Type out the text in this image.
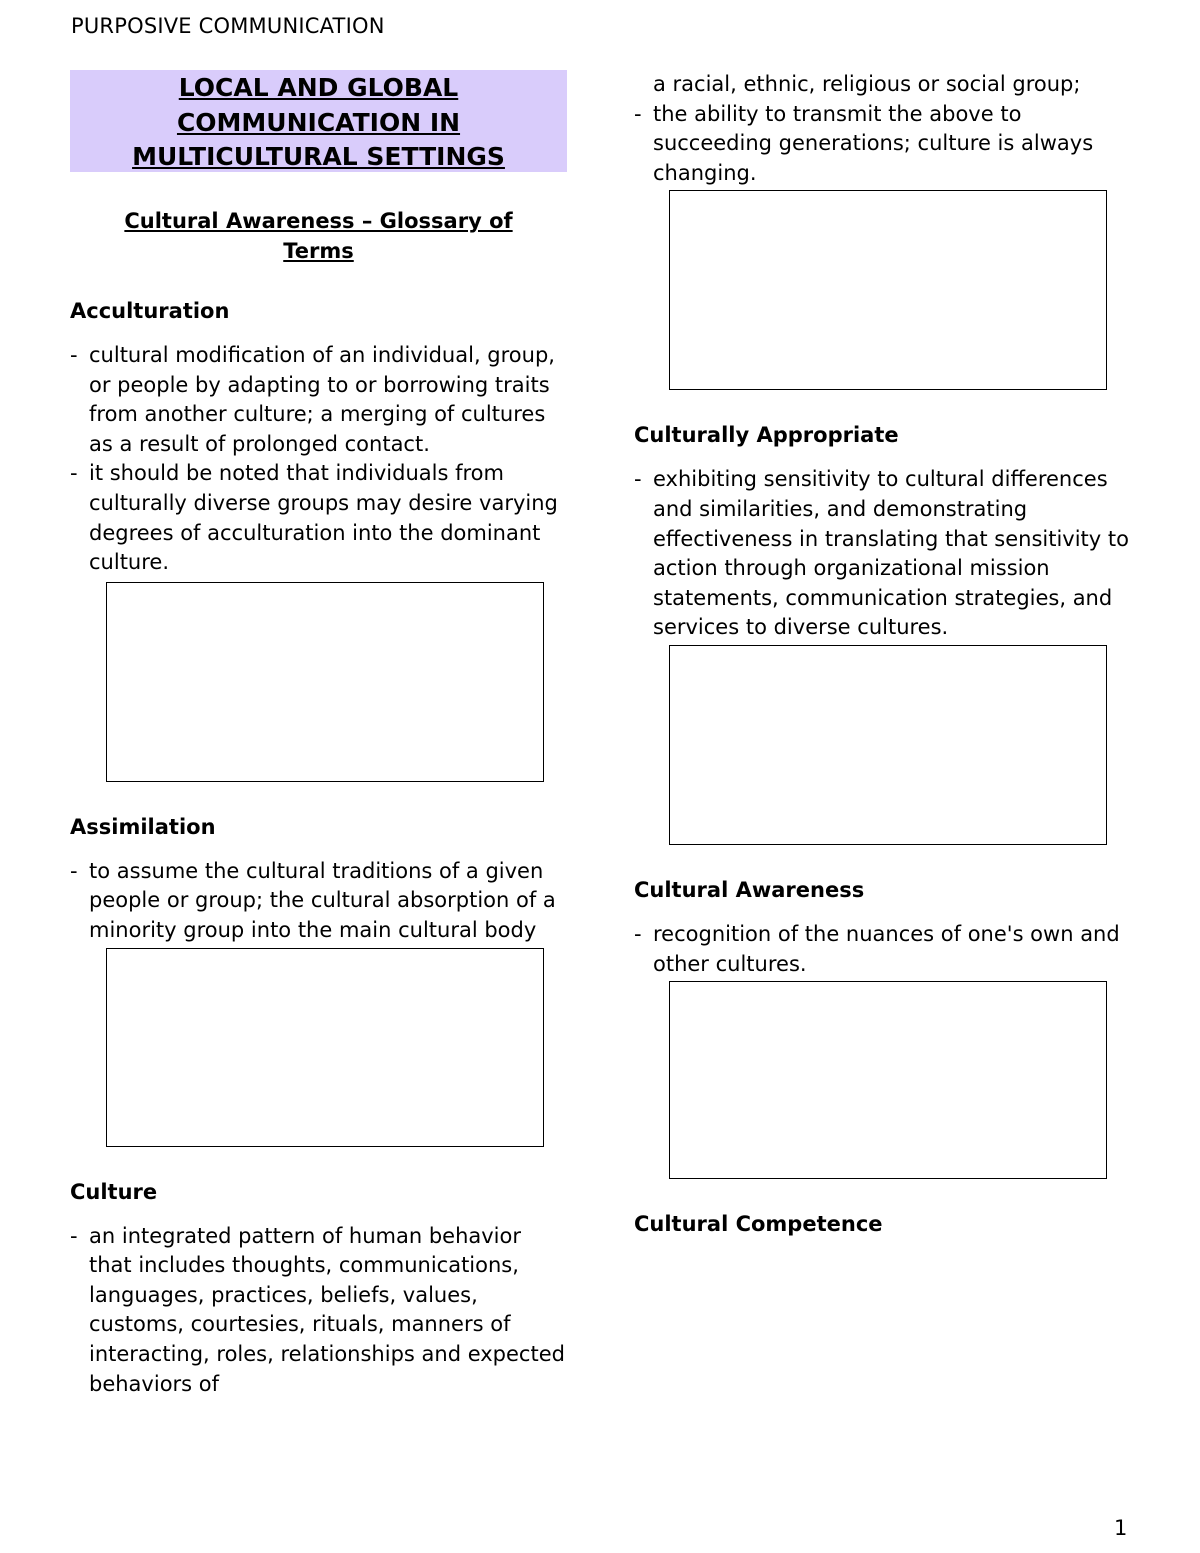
PURPOSIVE COMMUNICATION
LOCAL AND GLOBAL COMMUNICATION IN MULTICULTURAL SETTINGS
Cultural Awareness – Glossary of Terms
Acculturation
- cultural modification of an individual, group, or people by adapting to or borrowing traits from another culture; a merging of cultures as a result of prolonged contact.
- it should be noted that individuals from culturally diverse groups may desire varying degrees of acculturation into the dominant culture.
Assimilation
- to assume the cultural traditions of a given people or group; the cultural absorption of a minority group into the main cultural body
Culture
- an integrated pattern of human behavior that includes thoughts, communications, languages, practices, beliefs, values, customs, courtesies, rituals, manners of interacting, roles, relationships and expected behaviors of
a racial, ethnic, religious or social group;
- the ability to transmit the above to succeeding generations; culture is always changing.
Culturally Appropriate
- exhibiting sensitivity to cultural differences and similarities, and demonstrating effectiveness in translating that sensitivity to action through organizational mission statements, communication strategies, and services to diverse cultures.
Cultural Awareness
- recognition of the nuances of one's own and other cultures.
Cultural Competence
1
